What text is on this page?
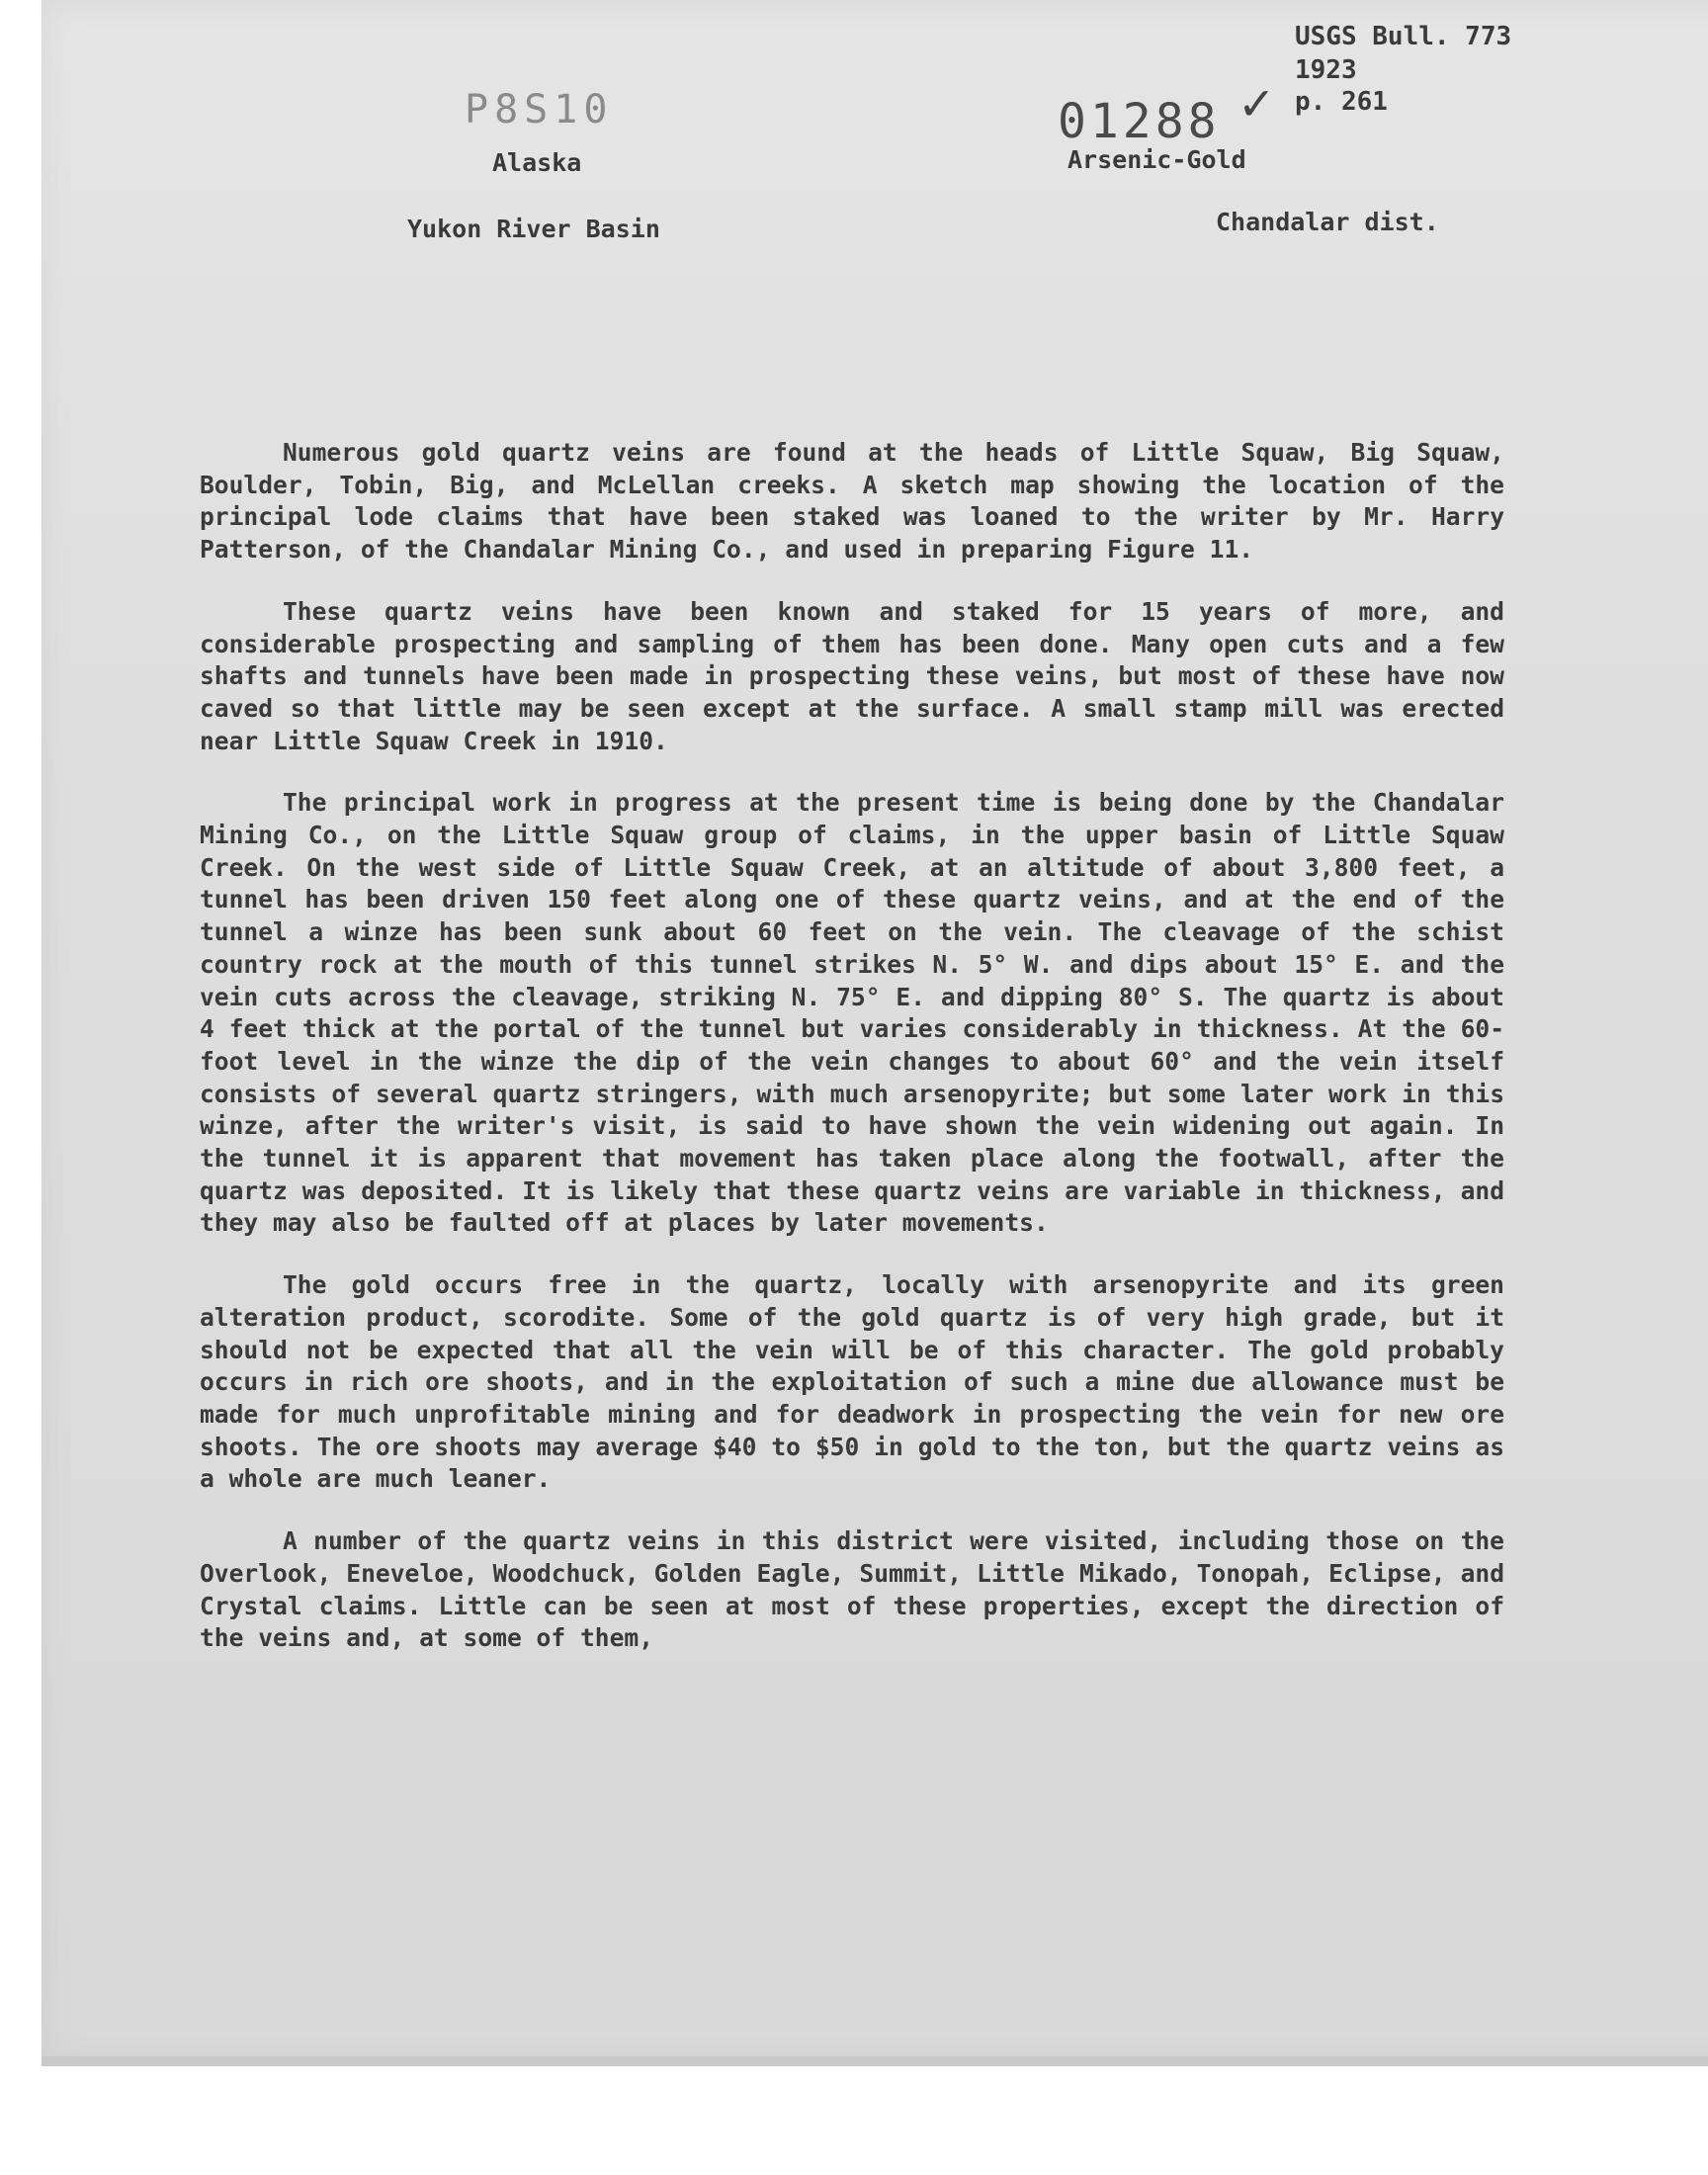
P8S10	01288 ✓
USGS Bull. 773
1923
p. 261
Alaska	Arsenic-Gold
Yukon River Basin	Chandalar dist.

Numerous gold quartz veins are found at the heads of Little Squaw, Big Squaw, Boulder, Tobin, Big, and McLellan creeks. A sketch map showing the location of the principal lode claims that have been staked was loaned to the writer by Mr. Harry Patterson, of the Chandalar Mining Co., and used in preparing Figure 11.

These quartz veins have been known and staked for 15 years of more, and considerable prospecting and sampling of them has been done. Many open cuts and a few shafts and tunnels have been made in prospecting these veins, but most of these have now caved so that little may be seen except at the surface. A small stamp mill was erected near Little Squaw Creek in 1910.

The principal work in progress at the present time is being done by the Chandalar Mining Co., on the Little Squaw group of claims, in the upper basin of Little Squaw Creek. On the west side of Little Squaw Creek, at an altitude of about 3,800 feet, a tunnel has been driven 150 feet along one of these quartz veins, and at the end of the tunnel a winze has been sunk about 60 feet on the vein. The cleavage of the schist country rock at the mouth of this tunnel strikes N. 5° W. and dips about 15° E. and the vein cuts across the cleavage, striking N. 75° E. and dipping 80° S. The quartz is about 4 feet thick at the portal of the tunnel but varies considerably in thickness. At the 60-foot level in the winze the dip of the vein changes to about 60° and the vein itself consists of several quartz stringers, with much arsenopyrite; but some later work in this winze, after the writer's visit, is said to have shown the vein widening out again. In the tunnel it is apparent that movement has taken place along the footwall, after the quartz was deposited. It is likely that these quartz veins are variable in thickness, and they may also be faulted off at places by later movements.

The gold occurs free in the quartz, locally with arsenopyrite and its green alteration product, scorodite. Some of the gold quartz is of very high grade, but it should not be expected that all the vein will be of this character. The gold probably occurs in rich ore shoots, and in the exploitation of such a mine due allowance must be made for much unprofitable mining and for deadwork in prospecting the vein for new ore shoots. The ore shoots may average $40 to $50 in gold to the ton, but the quartz veins as a whole are much leaner.

A number of the quartz veins in this district were visited, including those on the Overlook, Eneveloe, Woodchuck, Golden Eagle, Summit, Little Mikado, Tonopah, Eclipse, and Crystal claims. Little can be seen at most of these properties, except the direction of the veins and, at some of them,
